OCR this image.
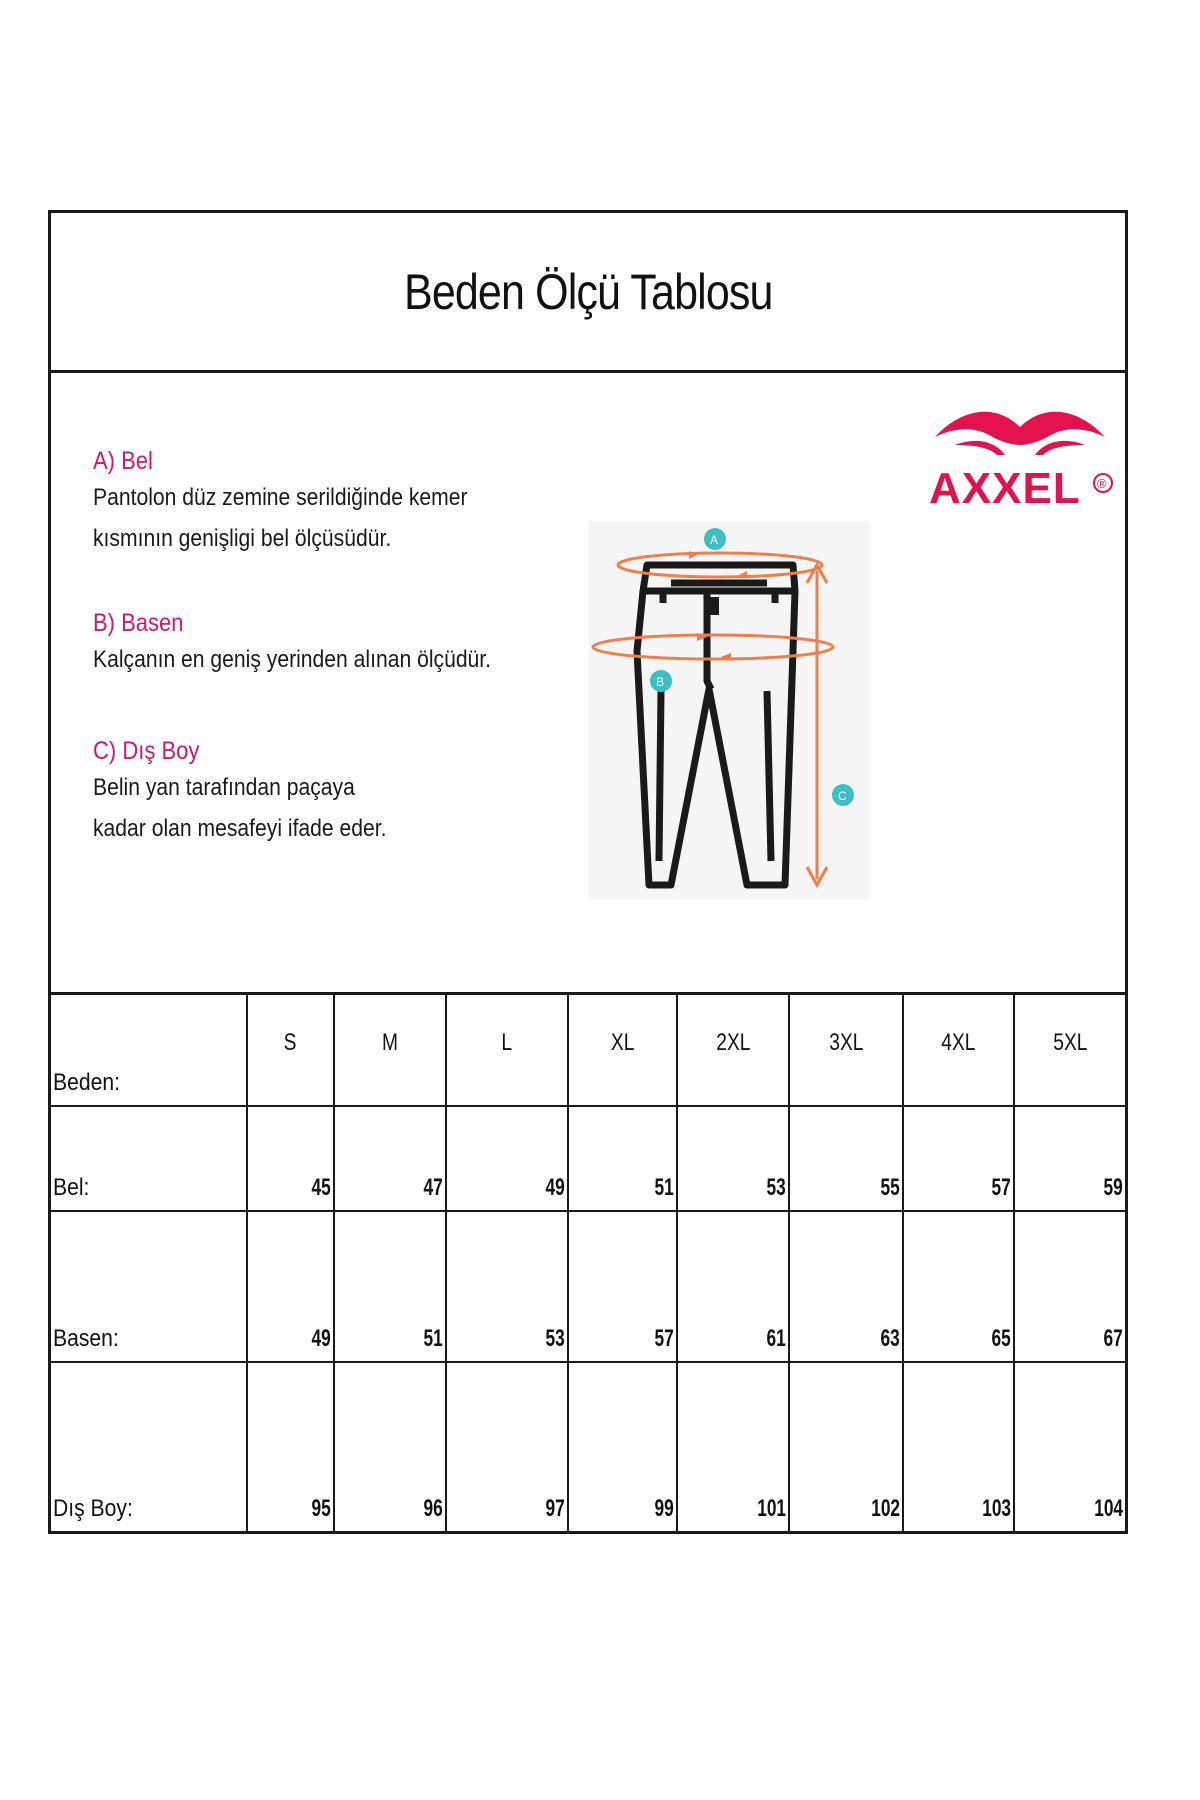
Beden Ölçü Tablosu
A) Bel
Pantolon düz zemine serildiğinde kemer
kısmının genişligi bel ölçüsüdür.
B) Basen
Kalçanın en geniş yerinden alınan ölçüdür.
C) Dış Boy
Belin yan tarafından paçaya
kadar olan mesafeyi ifade eder.
AXXEL ®
A
B
C
Beden:	S	M	L	XL	2XL	3XL	4XL	5XL
Bel:	45	47	49	51	53	55	57	59
Basen:	49	51	53	57	61	63	65	67
Dış Boy:	95	96	97	99	101	102	103	104
